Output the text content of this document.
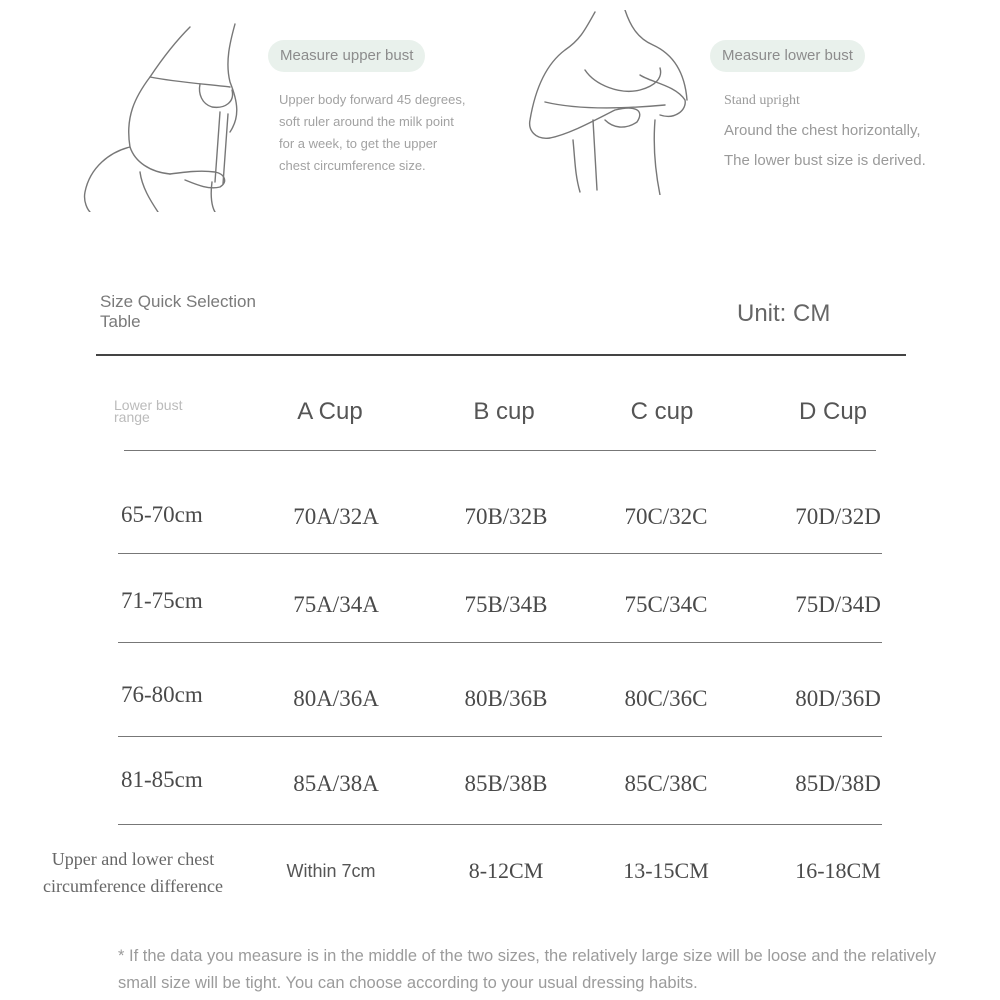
Measure upper bust
Upper body forward 45 degrees,
soft ruler around the milk point
for a week, to get the upper
chest circumference size.
Measure lower bust
Stand upright
Around the chest horizontally,
The lower bust size is derived.
Size Quick Selection
Table	Unit: CM
Lower bust
range	A Cup	B cup	C cup	D Cup
65-70cm	70A/32A	70B/32B	70C/32C	70D/32D
71-75cm	75A/34A	75B/34B	75C/34C	75D/34D
76-80cm	80A/36A	80B/36B	80C/36C	80D/36D
81-85cm	85A/38A	85B/38B	85C/38C	85D/38D
Upper and lower chest
circumference difference
Within 7cm	8-12CM	13-15CM	16-18CM
* If the data you measure is in the middle of the two sizes, the relatively large size will be loose and the relatively small size will be tight. You can choose according to your usual dressing habits.
